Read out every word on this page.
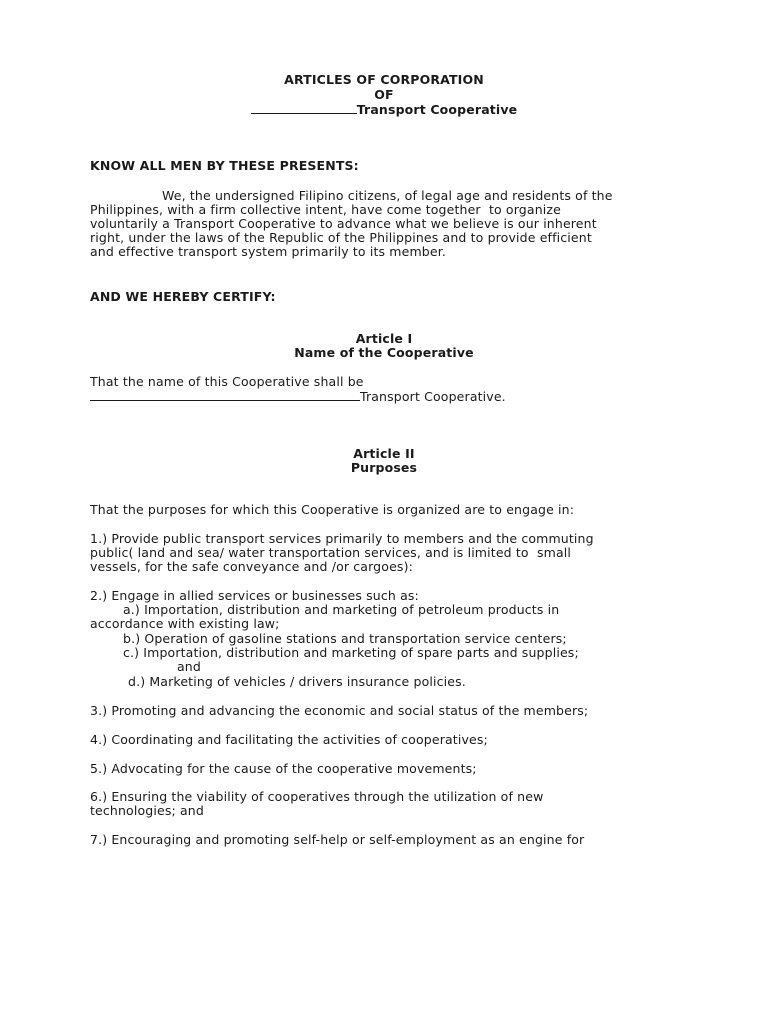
ARTICLES OF CORPORATION
OF
Transport Cooperative
KNOW ALL MEN BY THESE PRESENTS:
We, the undersigned Filipino citizens, of legal age and residents of the
Philippines, with a firm collective intent, have come together  to organize
voluntarily a Transport Cooperative to advance what we believe is our inherent
right, under the laws of the Republic of the Philippines and to provide efficient
and effective transport system primarily to its member.
AND WE HEREBY CERTIFY:
Article I
Name of the Cooperative
That the name of this Cooperative shall be
Transport Cooperative.
Article II
Purposes
That the purposes for which this Cooperative is organized are to engage in:
1.) Provide public transport services primarily to members and the commuting
public( land and sea/ water transportation services, and is limited to  small
vessels, for the safe conveyance and /or cargoes):
2.) Engage in allied services or businesses such as:
a.) Importation, distribution and marketing of petroleum products in
accordance with existing law;
b.) Operation of gasoline stations and transportation service centers;
c.) Importation, distribution and marketing of spare parts and supplies;
and
d.) Marketing of vehicles / drivers insurance policies.
3.) Promoting and advancing the economic and social status of the members;
4.) Coordinating and facilitating the activities of cooperatives;
5.) Advocating for the cause of the cooperative movements;
6.) Ensuring the viability of cooperatives through the utilization of new
technologies; and
7.) Encouraging and promoting self-help or self-employment as an engine for
